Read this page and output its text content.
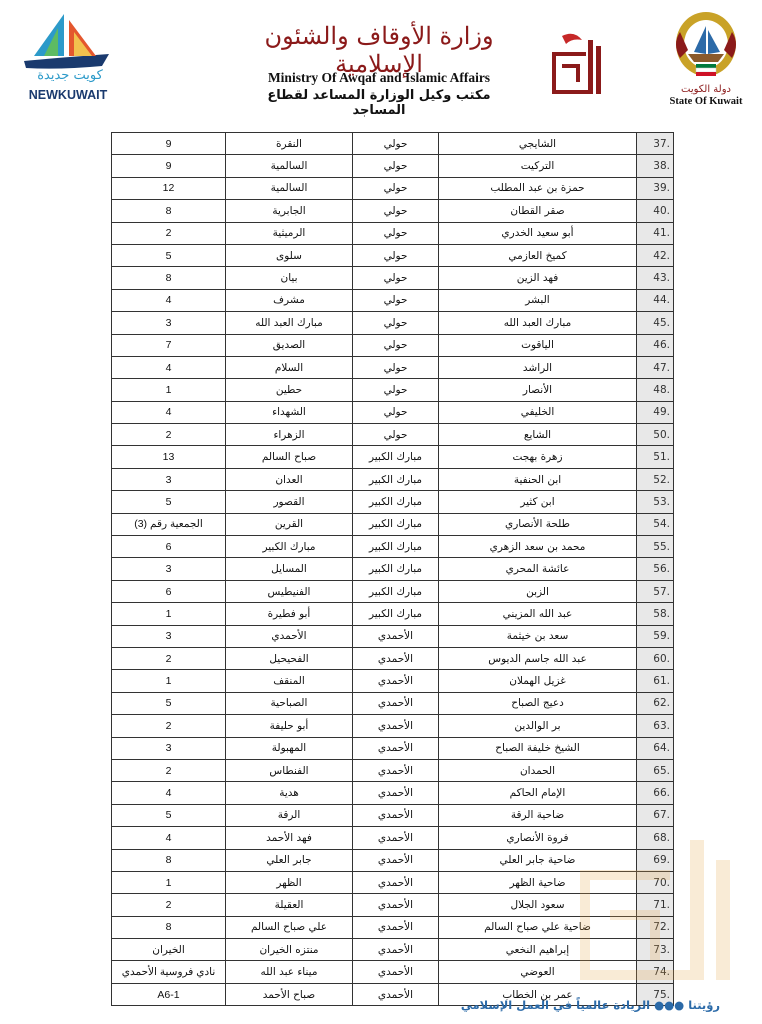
كويت جديدة
NEWKUWAIT
وزارة الأوقاف والشئون الإسلامية
Ministry Of Awqaf and Islamic Affairs
مكتب وكيل الوزارة المساعد لقطاع المساجد
دولة الكويت
State Of Kuwait
9	النقرة	حولي	الشايجي	37.
9	السالمية	حولي	التركيت	38.
12	السالمية	حولي	حمزة بن عبد المطلب	39.
8	الجابرية	حولي	صقر القطان	40.
2	الرميثية	حولي	أبو سعيد الخدري	41.
5	سلوى	حولي	كميخ العازمي	42.
8	بيان	حولي	فهد الزين	43.
4	مشرف	حولي	البشر	44.
3	مبارك العبد الله	حولي	مبارك العبد الله	45.
7	الصديق	حولي	الياقوت	46.
4	السلام	حولي	الراشد	47.
1	حطين	حولي	الأنصار	48.
4	الشهداء	حولي	الخليفي	49.
2	الزهراء	حولي	الشايع	50.
13	صباح السالم	مبارك الكبير	زهرة بهجت	51.
3	العدان	مبارك الكبير	ابن الحنفية	52.
5	القصور	مبارك الكبير	ابن كثير	53.
الجمعية رقم (3)	القرين	مبارك الكبير	طلحة الأنصاري	54.
6	مبارك الكبير	مبارك الكبير	محمد بن سعد الزهري	55.
3	المسايل	مبارك الكبير	عائشة المحري	56.
6	الفنيطيس	مبارك الكبير	الزبن	57.
1	أبو فطيرة	مبارك الكبير	عبد الله المزيني	58.
3	الأحمدي	الأحمدي	سعد بن خيثمة	59.
2	الفحيحيل	الأحمدي	عبد الله جاسم الديوس	60.
1	المنقف	الأحمدي	غزيل الهملان	61.
5	الصباحية	الأحمدي	دعيج الصباح	62.
2	أبو حليفة	الأحمدي	بر الوالدين	63.
3	المهبولة	الأحمدي	الشيخ خليفة الصباح	64.
2	الفنطاس	الأحمدي	الحمدان	65.
4	هدية	الأحمدي	الإمام الحاكم	66.
5	الرقة	الأحمدي	ضاحية الرقة	67.
4	فهد الأحمد	الأحمدي	فروة الأنصاري	68.
8	جابر العلي	الأحمدي	ضاحية جابر العلي	69.
1	الظهر	الأحمدي	ضاحية الظهر	70.
2	العقيلة	الأحمدي	سعود الجلال	71.
8	علي صباح السالم	الأحمدي	ضاحية علي صباح السالم	72.
الخيران	منتزه الخيران	الأحمدي	إبراهيم النخعي	73.
نادي فروسية الأحمدي	ميناء عبد الله	الأحمدي	العوضي	74.
A6-1	صباح الأحمد	الأحمدي	عمر بن الخطاب	75.
رؤيتنا ●●● الريادة عالمياً في العمل الإسلامي
